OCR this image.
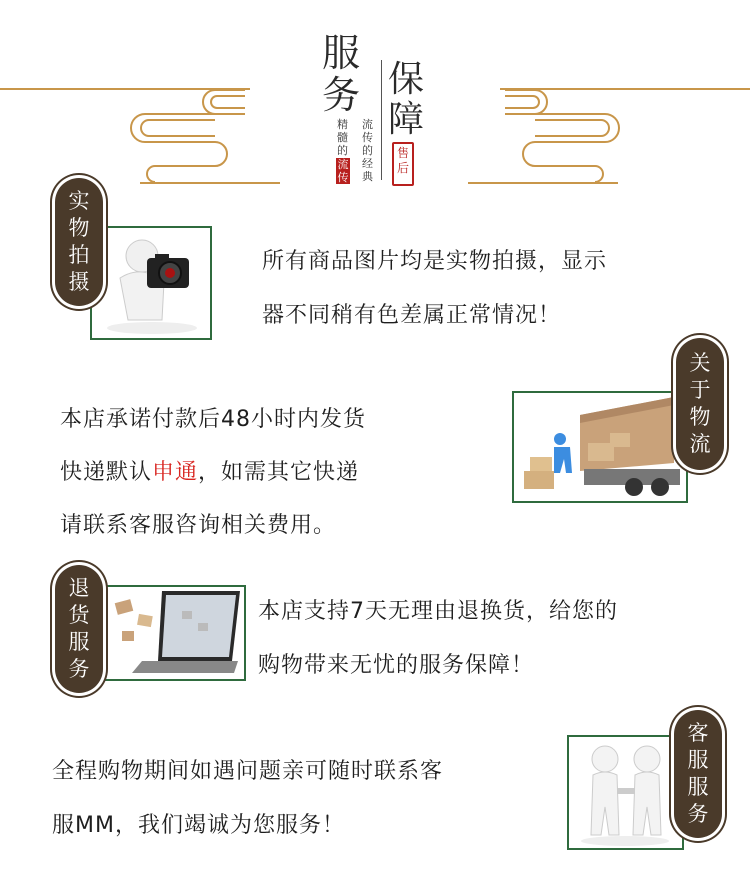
服务 保障
精髓的
流传
流传的经典
售后
实
物
拍
摄
所有商品图片均是实物拍摄，显示
器不同稍有色差属正常情况！
本店承诺付款后48小时内发货
快递默认申通，如需其它快递
请联系客服咨询相关费用。
关
于
物
流
退
货
服
务
本店支持7天无理由退换货，给您的
购物带来无忧的服务保障！
全程购物期间如遇问题亲可随时联系客
服MM，我们竭诚为您服务！
客
服
服
务
